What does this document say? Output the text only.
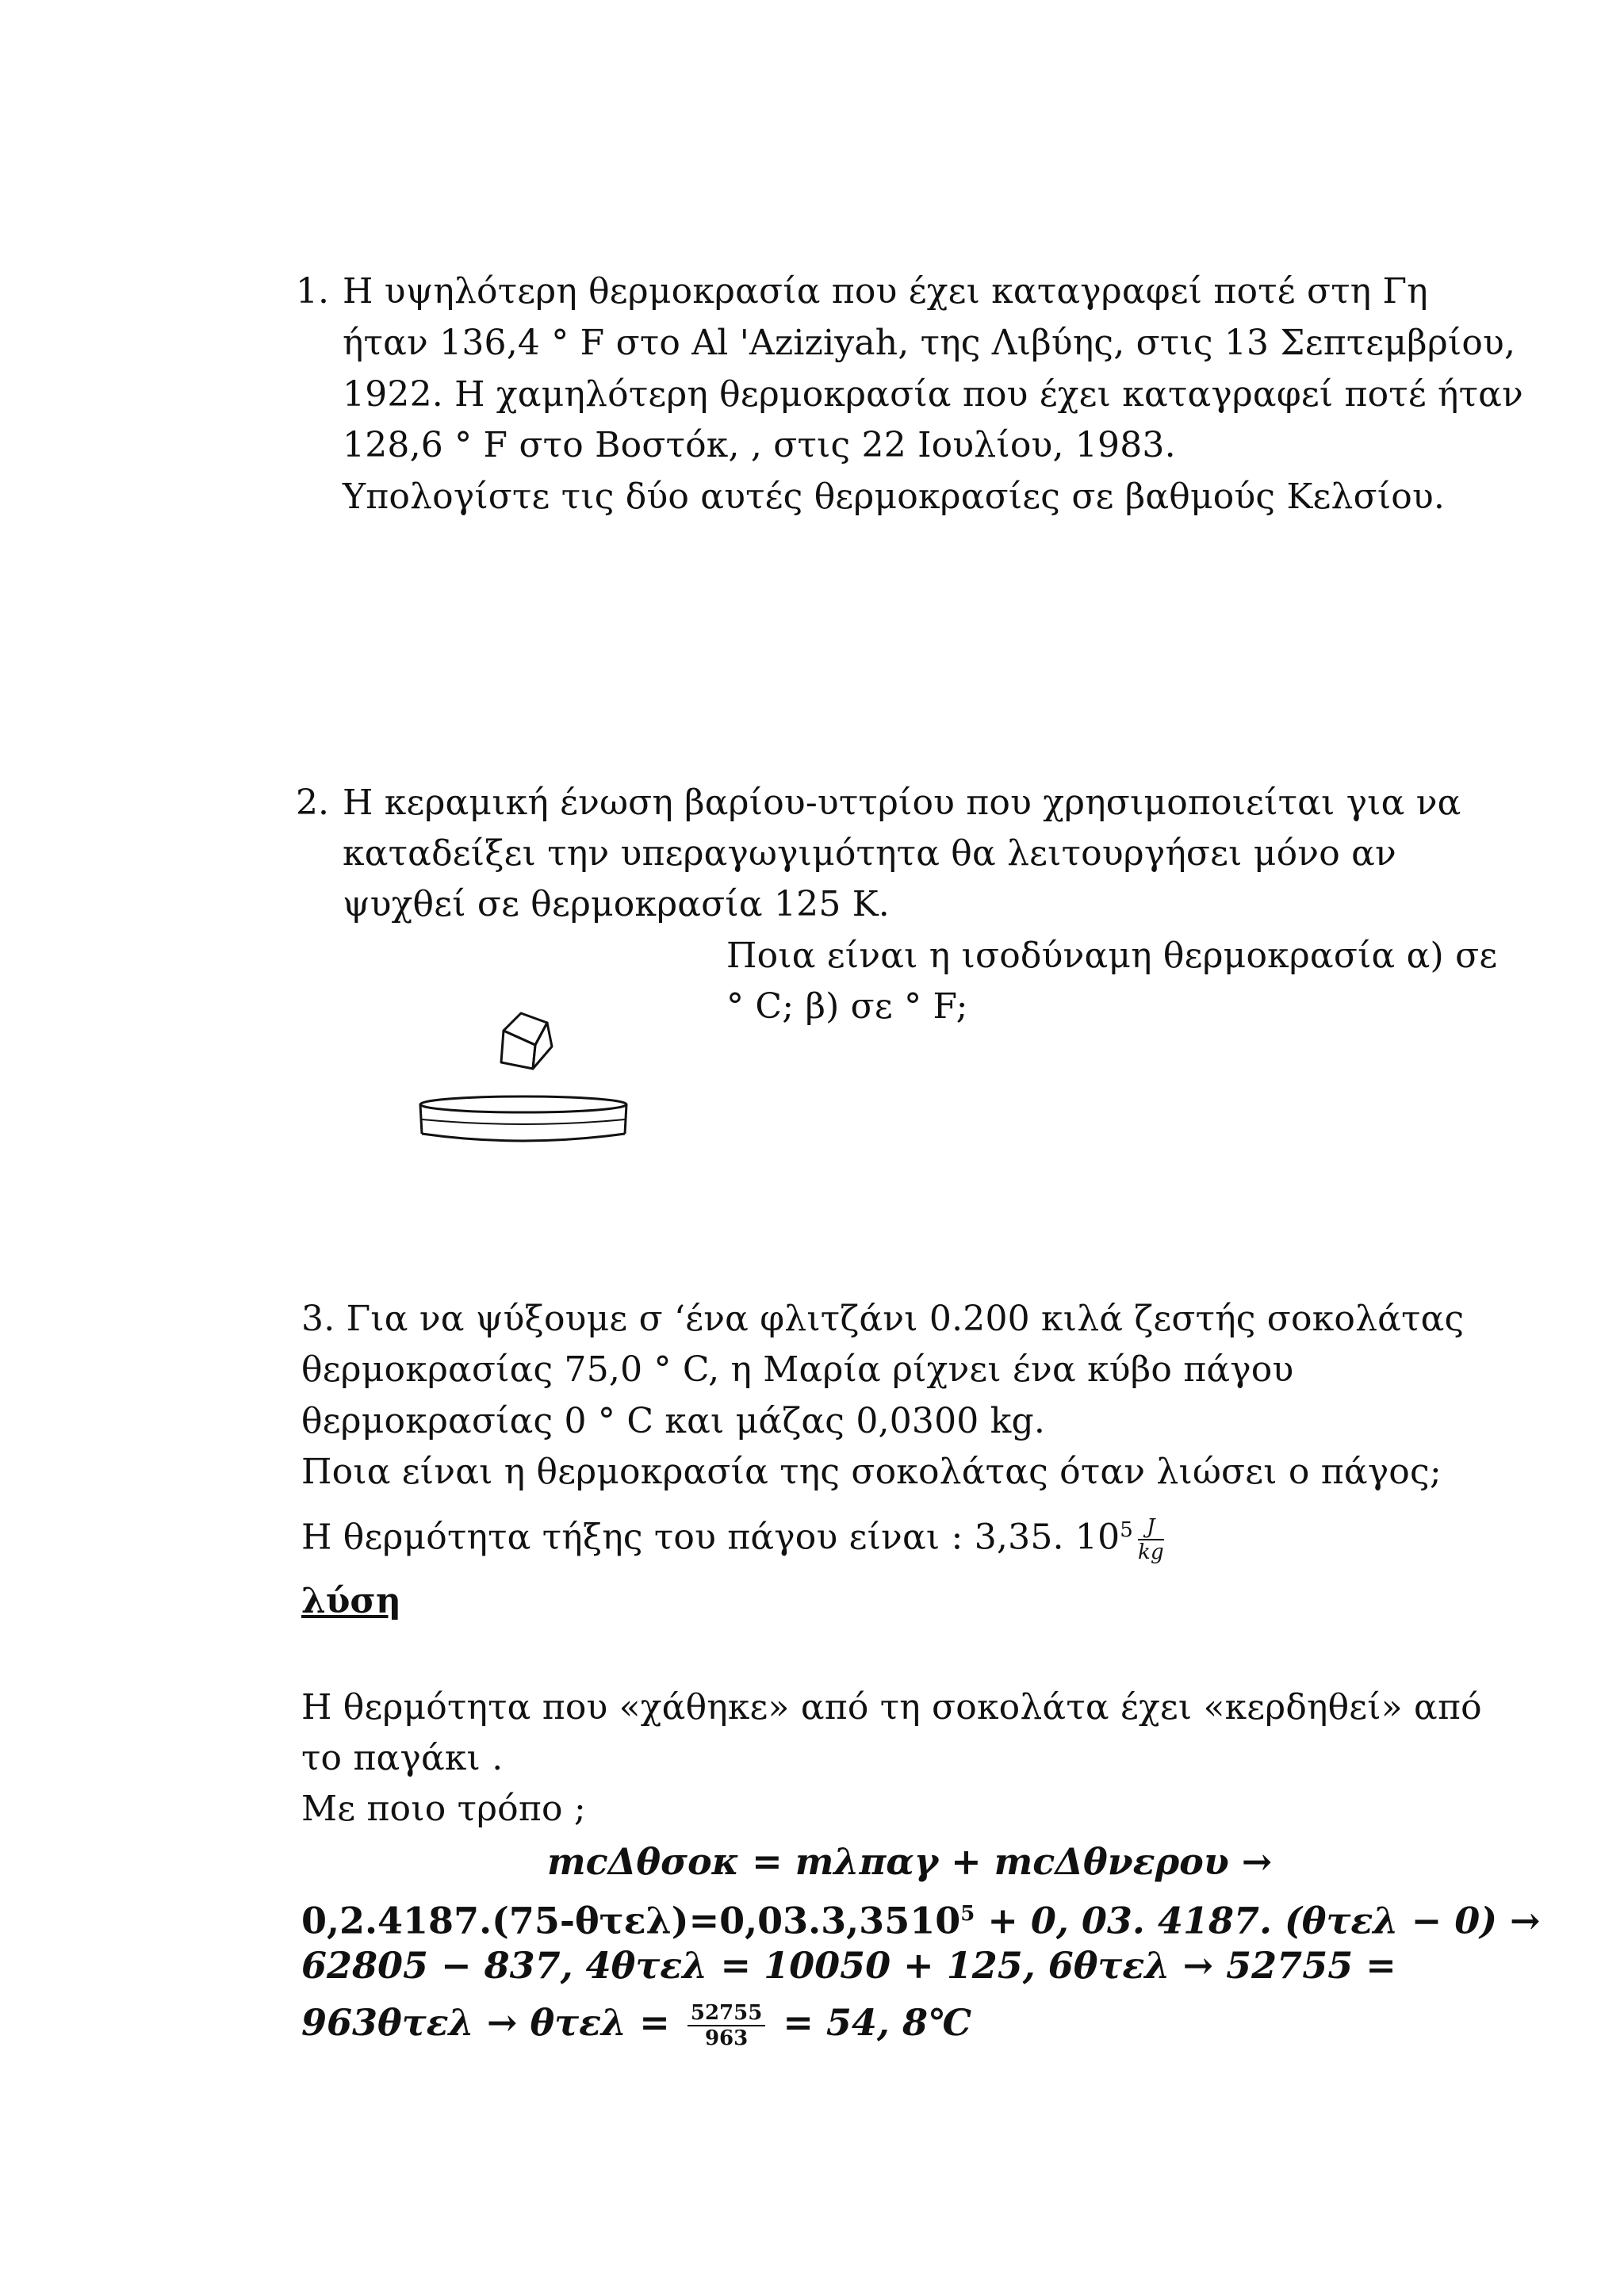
1. Η υψηλότερη θερμοκρασία που έχει καταγραφεί ποτέ στη Γη
ήταν 136,4 ° F στο Al 'Aziziyah, της Λιβύης, στις 13 Σεπτεμβρίου,
1922. Η χαμηλότερη θερμοκρασία που έχει καταγραφεί ποτέ ήταν
128,6 ° F στο Βοστόκ, , στις 22 Ιουλίου, 1983.
Υπολογίστε τις δύο αυτές θερμοκρασίες σε βαθμούς Κελσίου.
2. Η κεραμική ένωση βαρίου-υττρίου που χρησιμοποιείται για να
καταδείξει την υπεραγωγιμότητα θα λειτουργήσει μόνο αν
ψυχθεί σε θερμοκρασία 125 K.
Ποια είναι η ισοδύναμη θερμοκρασία α) σε
° C; β) σε ° F;
3. Για να ψύξουμε σ ‘ένα φλιτζάνι 0.200 κιλά ζεστής σοκολάτας
θερμοκρασίας 75,0 ° C, η Μαρία ρίχνει ένα κύβο πάγου
θερμοκρασίας 0 ° C και μάζας 0,0300 kg.
Ποια είναι η θερμοκρασία της σοκολάτας όταν λιώσει ο πάγος;
Η θερμότητα τήξης του πάγου είναι : 3,35. $10^5 \frac{J}{kg}$
λύση
Η θερμότητα που «χάθηκε» από τη σοκολάτα έχει «κερδηθεί» από
το παγάκι .
Με ποιο τρόπο ;
mcΔθσοκ = mλπαγ + mcΔθνερου →
$0,2.4187.(75-\theta\tau\varepsilon\lambda)=0,03.3,3510^5 + 0$, 03. 4187. (θτελ − 0) →
62805 − 837, 4θτελ = 10050 + 125, 6θτελ → 52755 =
$963\theta\tau\varepsilon\lambda \to \theta\tau\varepsilon\lambda = \frac{52755}{963} = 54$, 8℃
